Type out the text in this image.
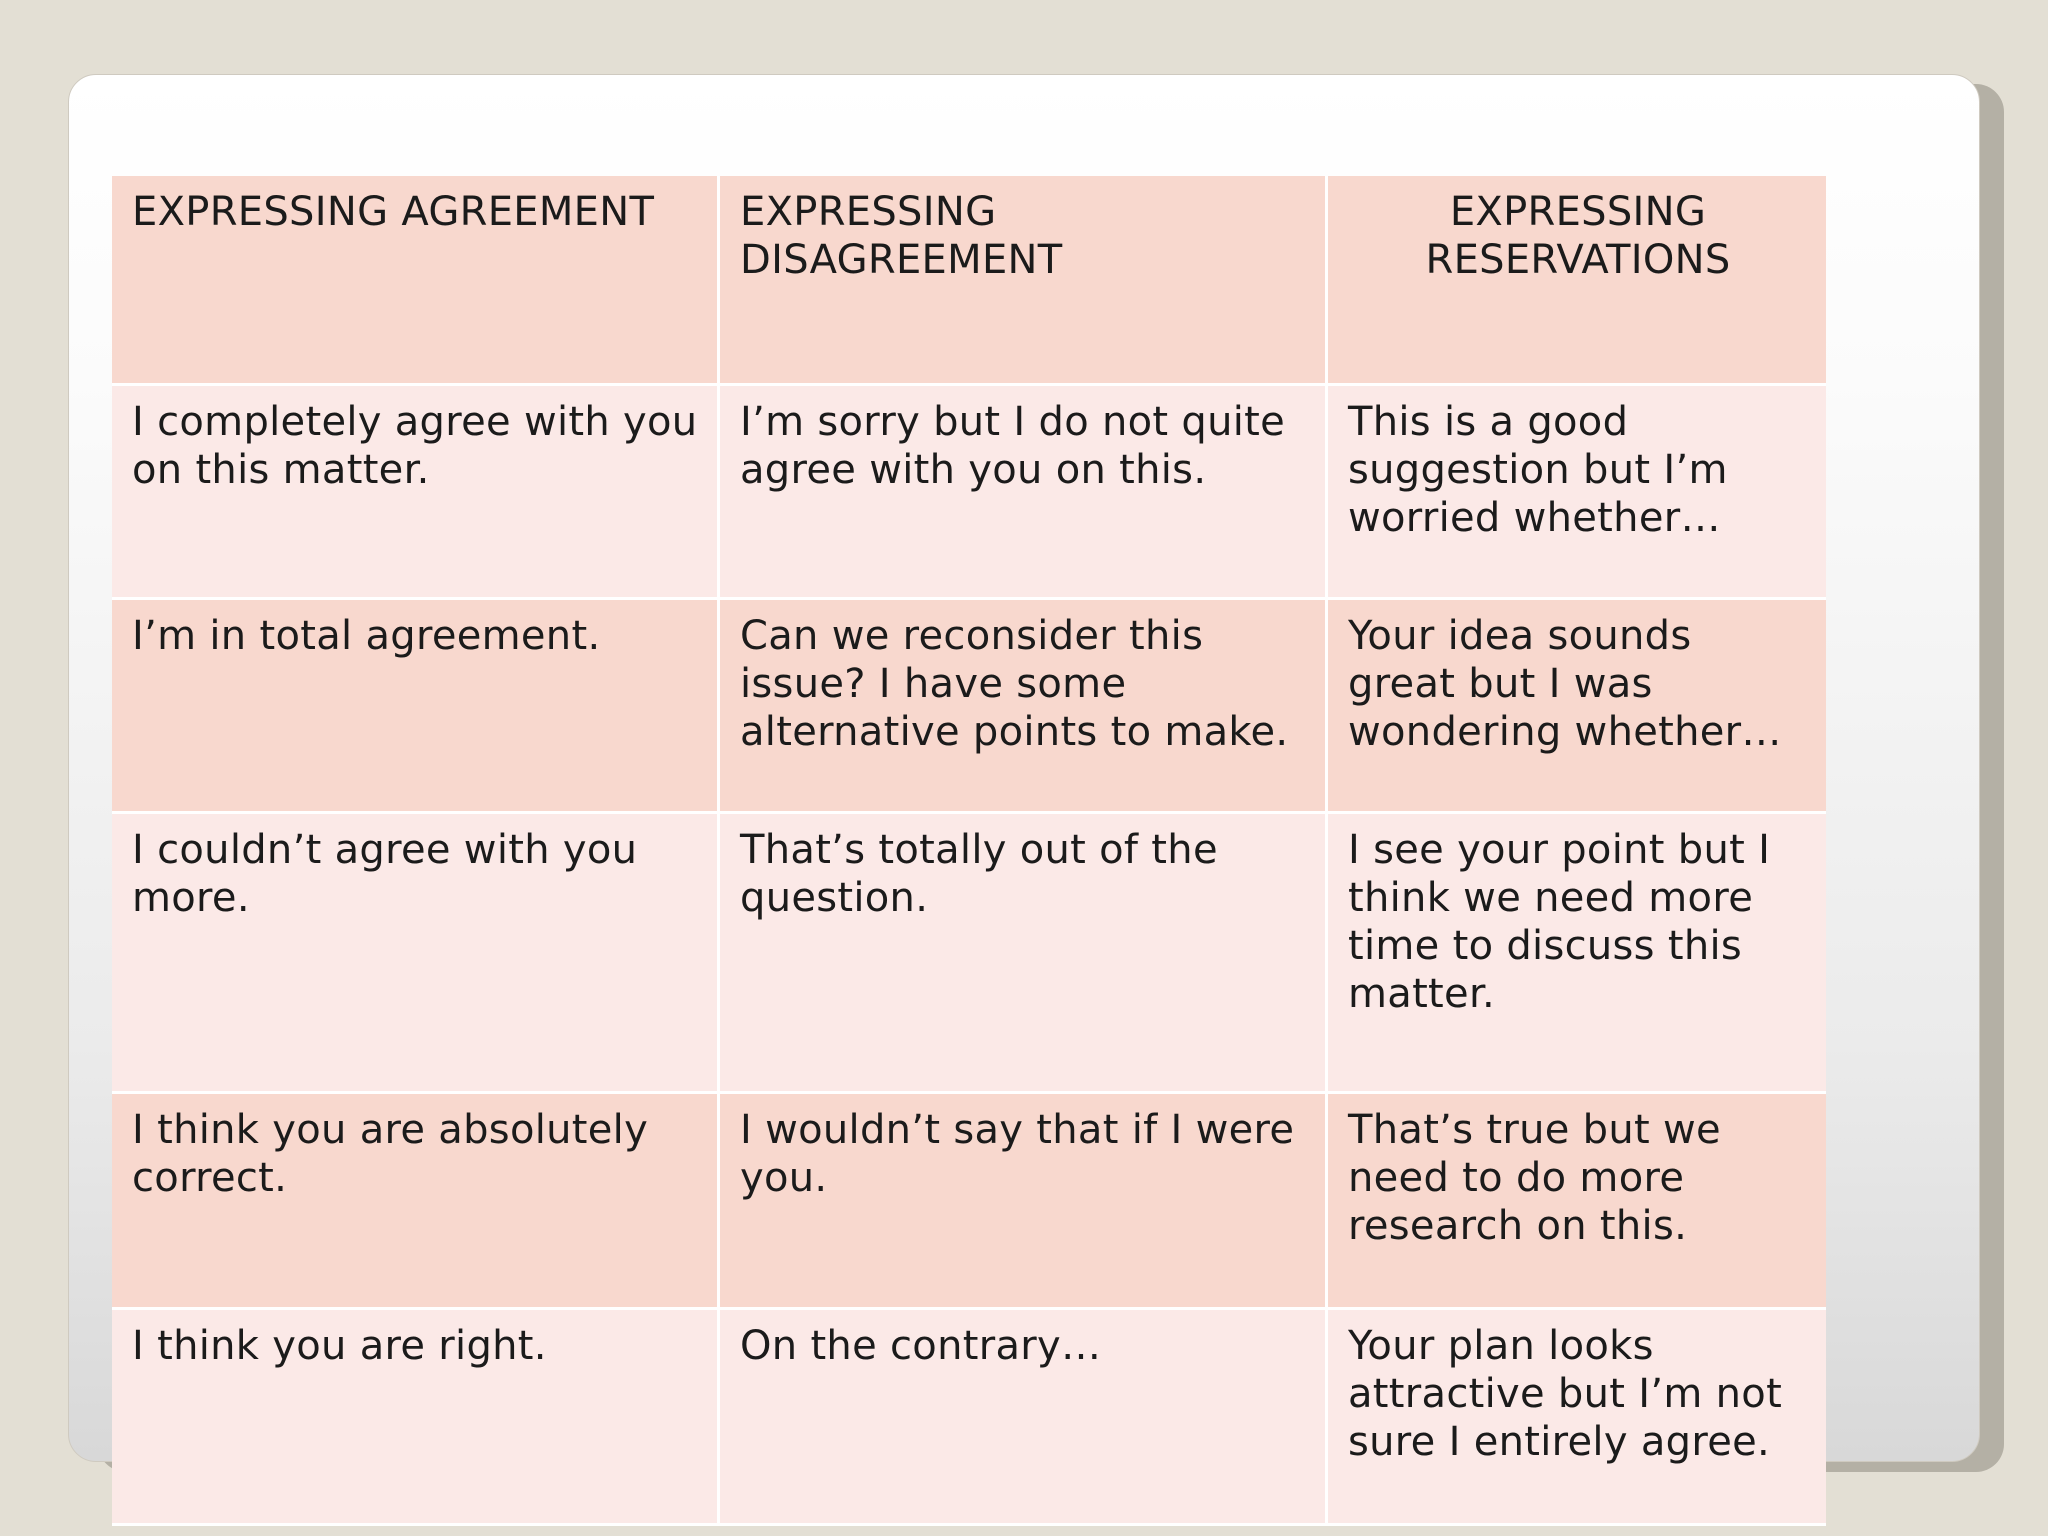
EXPRESSING AGREEMENT	EXPRESSING DISAGREEMENT	EXPRESSING RESERVATIONS
I completely agree with you on this matter.	I’m sorry but I do not quite agree with you on this.	This is a good suggestion but I’m worried whether…
I’m in total agreement.	Can we reconsider this issue? I have some alternative points to make.	Your idea sounds great but I was wondering whether…
I couldn’t agree with you more.	That’s totally out of the question.	I see your point but I think we need more time to discuss this matter.
I think you are absolutely correct.	I wouldn’t say that if I were you.	That’s true but we need to do more research on this.
I think you are right.	On the contrary…	Your plan looks attractive but I’m not sure I entirely agree.
